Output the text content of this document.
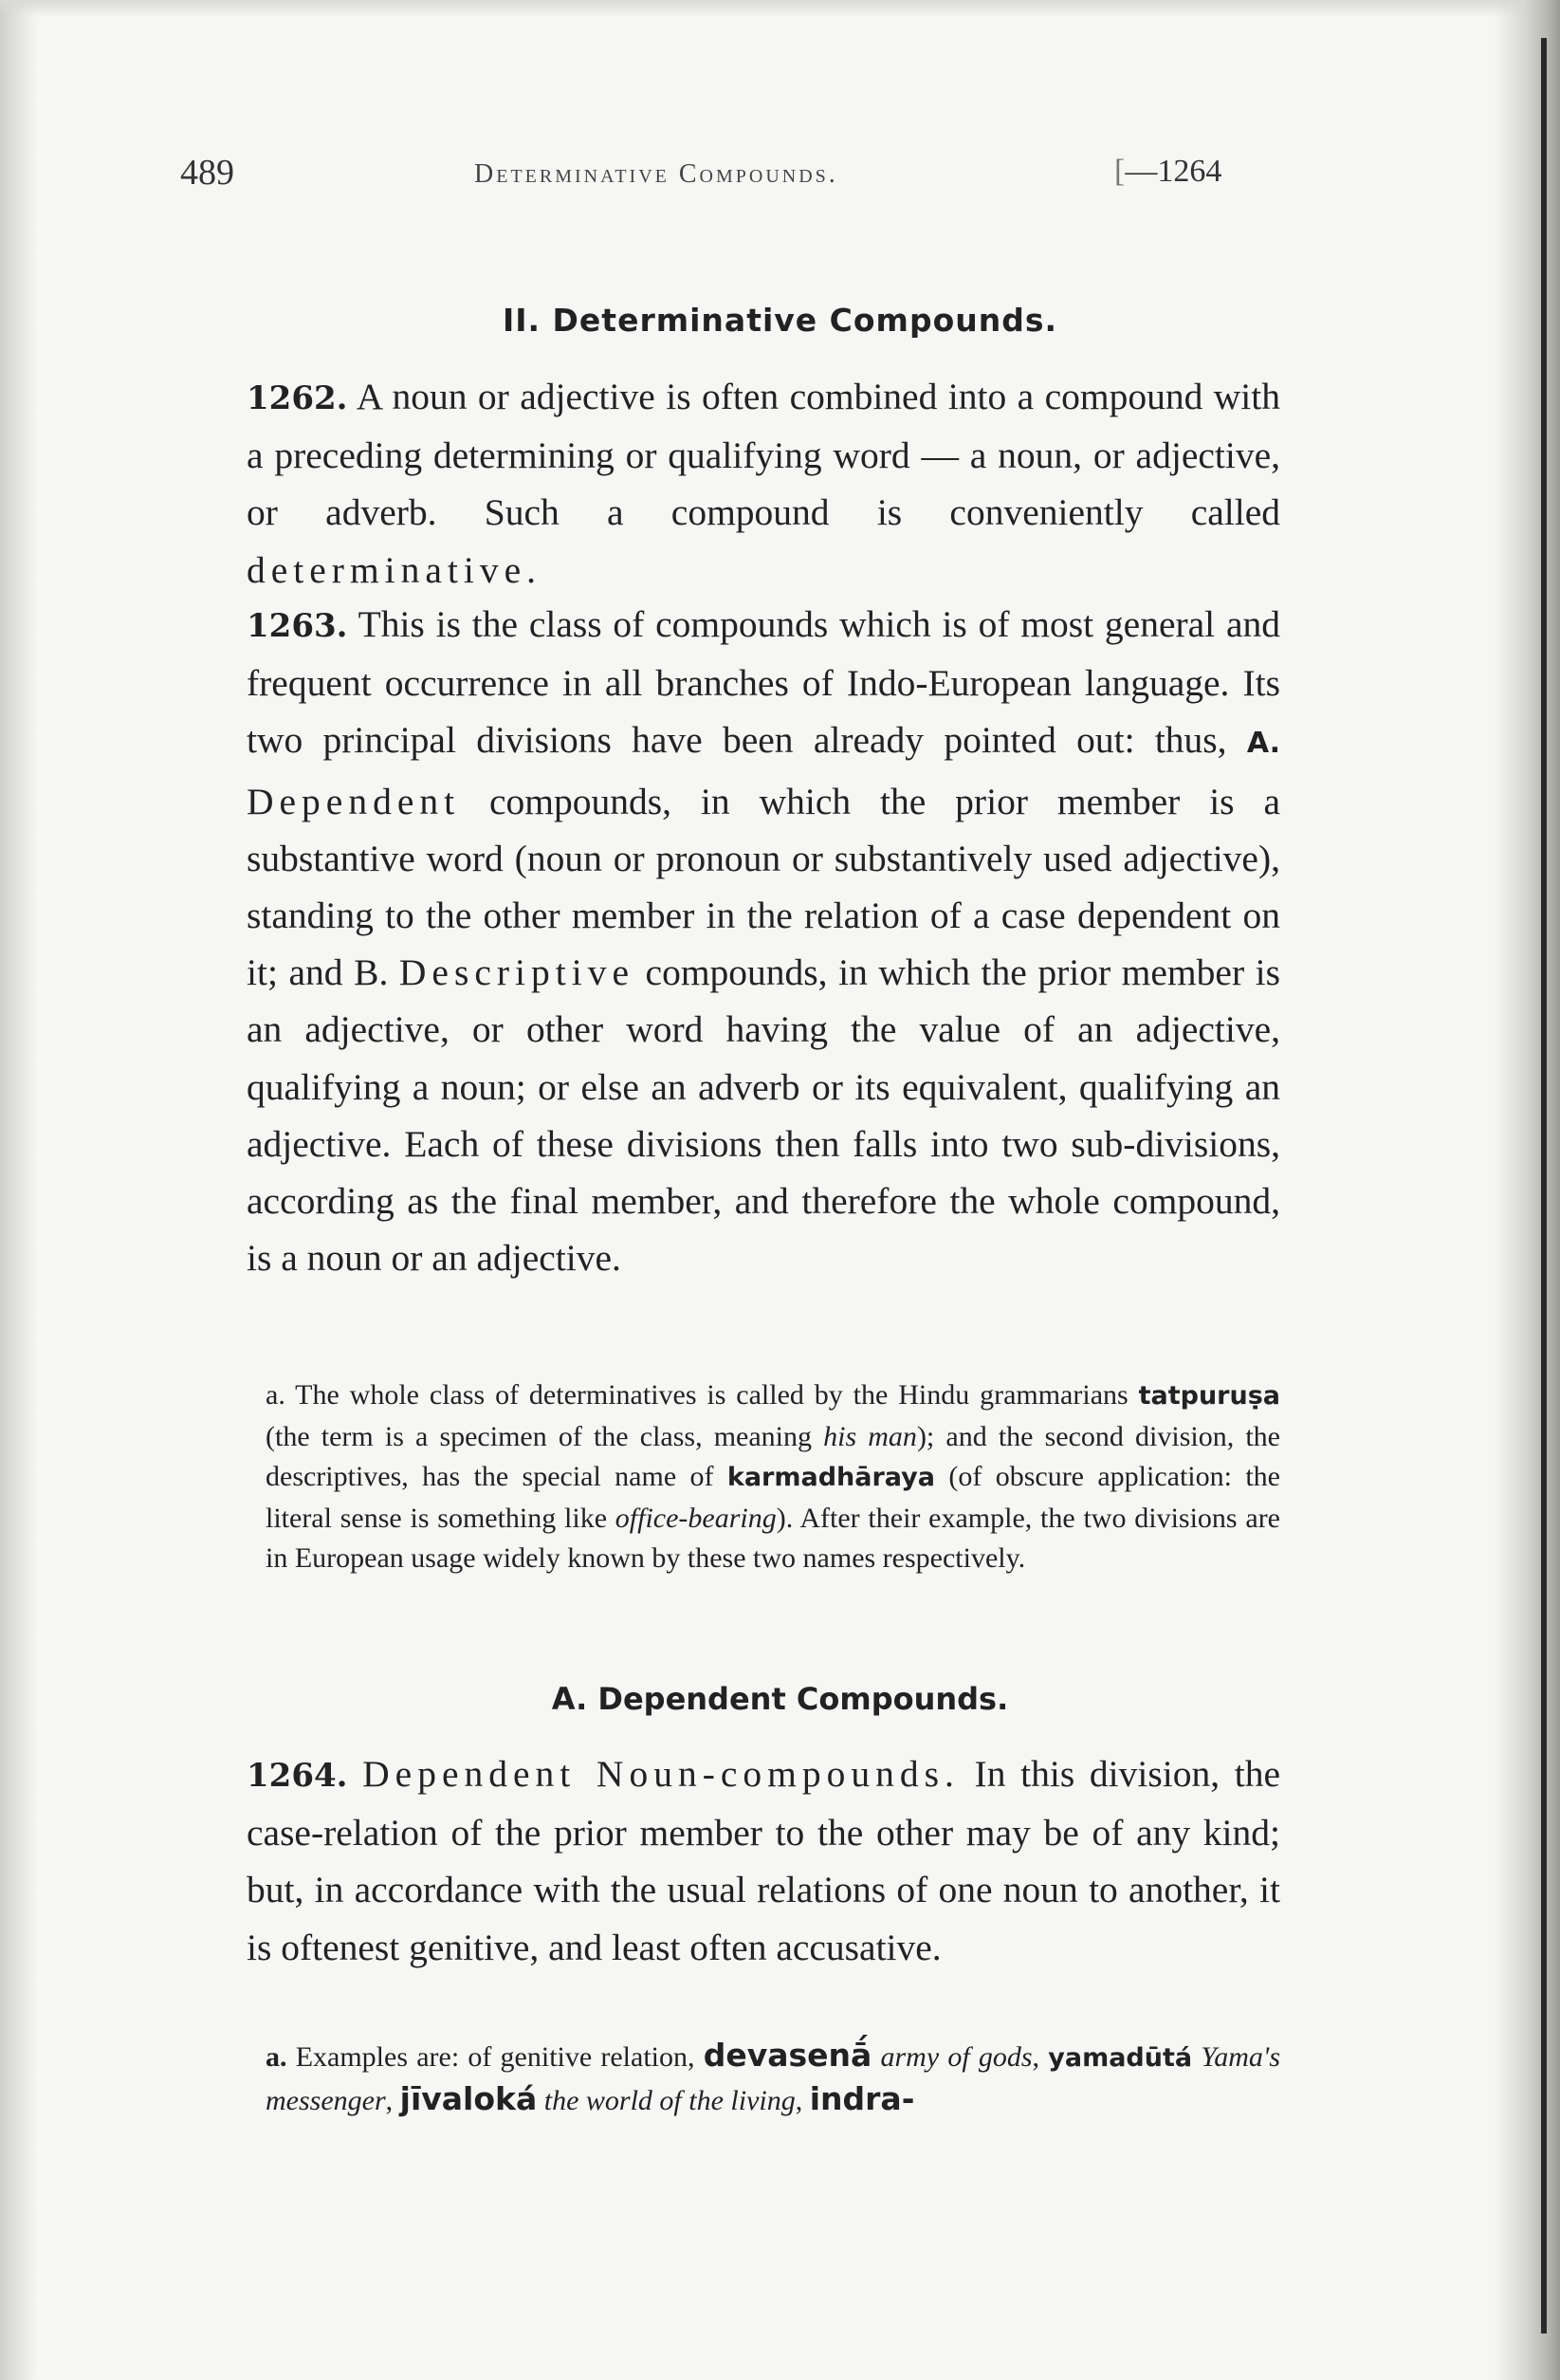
489	Determinative Compounds.	[—1264
II. Determinative Compounds.
1262. A noun or adjective is often combined into a compound with a preceding determining or qualifying word — a noun, or adjective, or adverb. Such a compound is conveniently called determinative.
1263. This is the class of compounds which is of most general and frequent occurrence in all branches of Indo-European language. Its two principal divisions have been already pointed out: thus, A. Dependent compounds, in which the prior member is a substantive word (noun or pronoun or substantively used adjective), standing to the other member in the relation of a case dependent on it; and B. Descriptive compounds, in which the prior member is an adjective, or other word having the value of an adjective, qualifying a noun; or else an adverb or its equivalent, qualifying an adjective. Each of these divisions then falls into two sub-divisions, according as the final member, and therefore the whole compound, is a noun or an adjective.
a. The whole class of determinatives is called by the Hindu grammarians tatpuruṣa (the term is a specimen of the class, meaning his man); and the second division, the descriptives, has the special name of karmadhāraya (of obscure application: the literal sense is something like office-bearing). After their example, the two divisions are in European usage widely known by these two names respectively.
A. Dependent Compounds.
1264. Dependent Noun-compounds. In this division, the case-relation of the prior member to the other may be of any kind; but, in accordance with the usual relations of one noun to another, it is oftenest genitive, and least often accusative.
a. Examples are: of genitive relation, devasenā́ army of gods, yamadūtá Yama's messenger, jīvaloká the world of the living, indra-
